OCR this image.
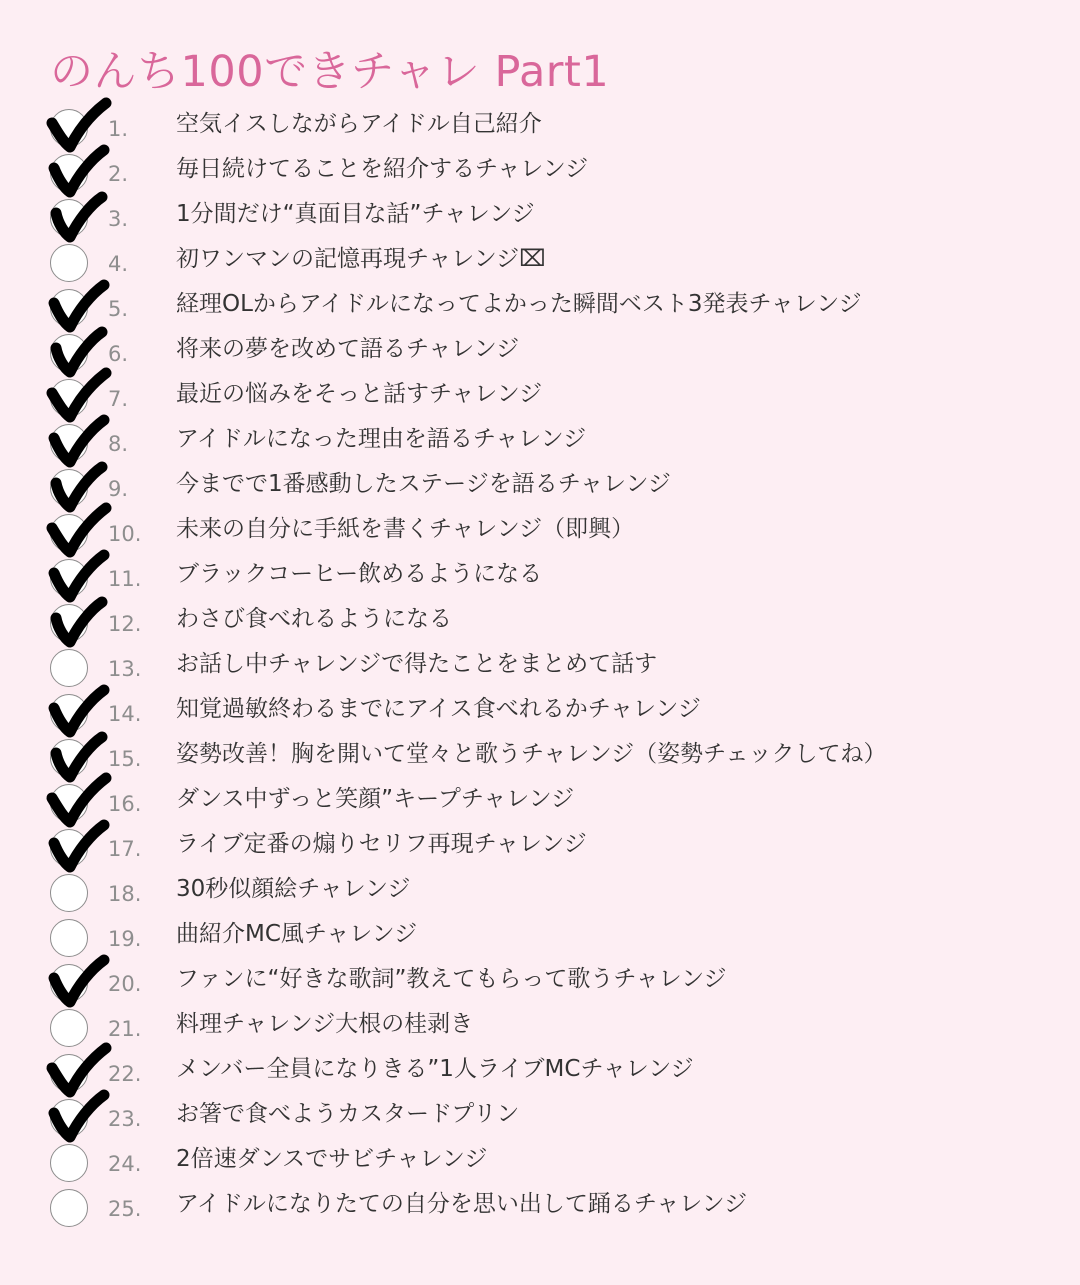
のんち100できチャレ Part1
1. 空気イスしながらアイドル自己紹介
2. 毎日続けてることを紹介するチャレンジ
3. 1分間だけ“真面目な話”チャレンジ
4. 初ワンマンの記憶再現チャレンジ⌧
5. 経理OLからアイドルになってよかった瞬間ベスト3発表チャレンジ
6. 将来の夢を改めて語るチャレンジ
7. 最近の悩みをそっと話すチャレンジ
8. アイドルになった理由を語るチャレンジ
9. 今までで1番感動したステージを語るチャレンジ
10. 未来の自分に手紙を書くチャレンジ（即興）
11. ブラックコーヒー飲めるようになる
12. わさび食べれるようになる
13. お話し中チャレンジで得たことをまとめて話す
14. 知覚過敏終わるまでにアイス食べれるかチャレンジ
15. 姿勢改善！胸を開いて堂々と歌うチャレンジ（姿勢チェックしてね）
16. ダンス中ずっと笑顔”キープチャレンジ
17. ライブ定番の煽りセリフ再現チャレンジ
18. 30秒似顔絵チャレンジ
19. 曲紹介MC風チャレンジ
20. ファンに“好きな歌詞”教えてもらって歌うチャレンジ
21. 料理チャレンジ大根の桂剥き
22. メンバー全員になりきる”1人ライブMCチャレンジ
23. お箸で食べようカスタードプリン
24. 2倍速ダンスでサビチャレンジ
25. アイドルになりたての自分を思い出して踊るチャレンジ
